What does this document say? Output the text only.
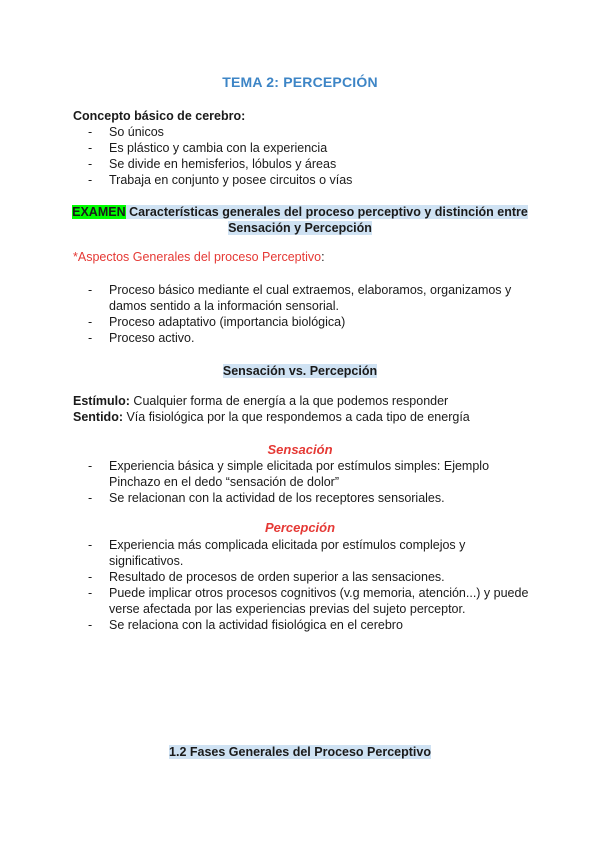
TEMA 2: PERCEPCIÓN
Concepto básico de cerebro:
- So únicos
- Es plástico y cambia con la experiencia
- Se divide en hemisferios, lóbulos y áreas
- Trabaja en conjunto y posee circuitos o vías
EXAMEN Características generales del proceso perceptivo y distinción entre
Sensación y Percepción
*Aspectos Generales del proceso Perceptivo:
- Proceso básico mediante el cual extraemos, elaboramos, organizamos y
damos sentido a la información sensorial.
- Proceso adaptativo (importancia biológica)
- Proceso activo.
Sensación vs. Percepción
Estímulo: Cualquier forma de energía a la que podemos responder
Sentido: Vía fisiológica por la que respondemos a cada tipo de energía
Sensación
- Experiencia básica y simple elicitada por estímulos simples: Ejemplo
Pinchazo en el dedo “sensación de dolor”
- Se relacionan con la actividad de los receptores sensoriales.
Percepción
- Experiencia más complicada elicitada por estímulos complejos y
significativos.
- Resultado de procesos de orden superior a las sensaciones.
- Puede implicar otros procesos cognitivos (v.g memoria, atención...) y puede
verse afectada por las experiencias previas del sujeto perceptor.
- Se relaciona con la actividad fisiológica en el cerebro
1.2 Fases Generales del Proceso Perceptivo
